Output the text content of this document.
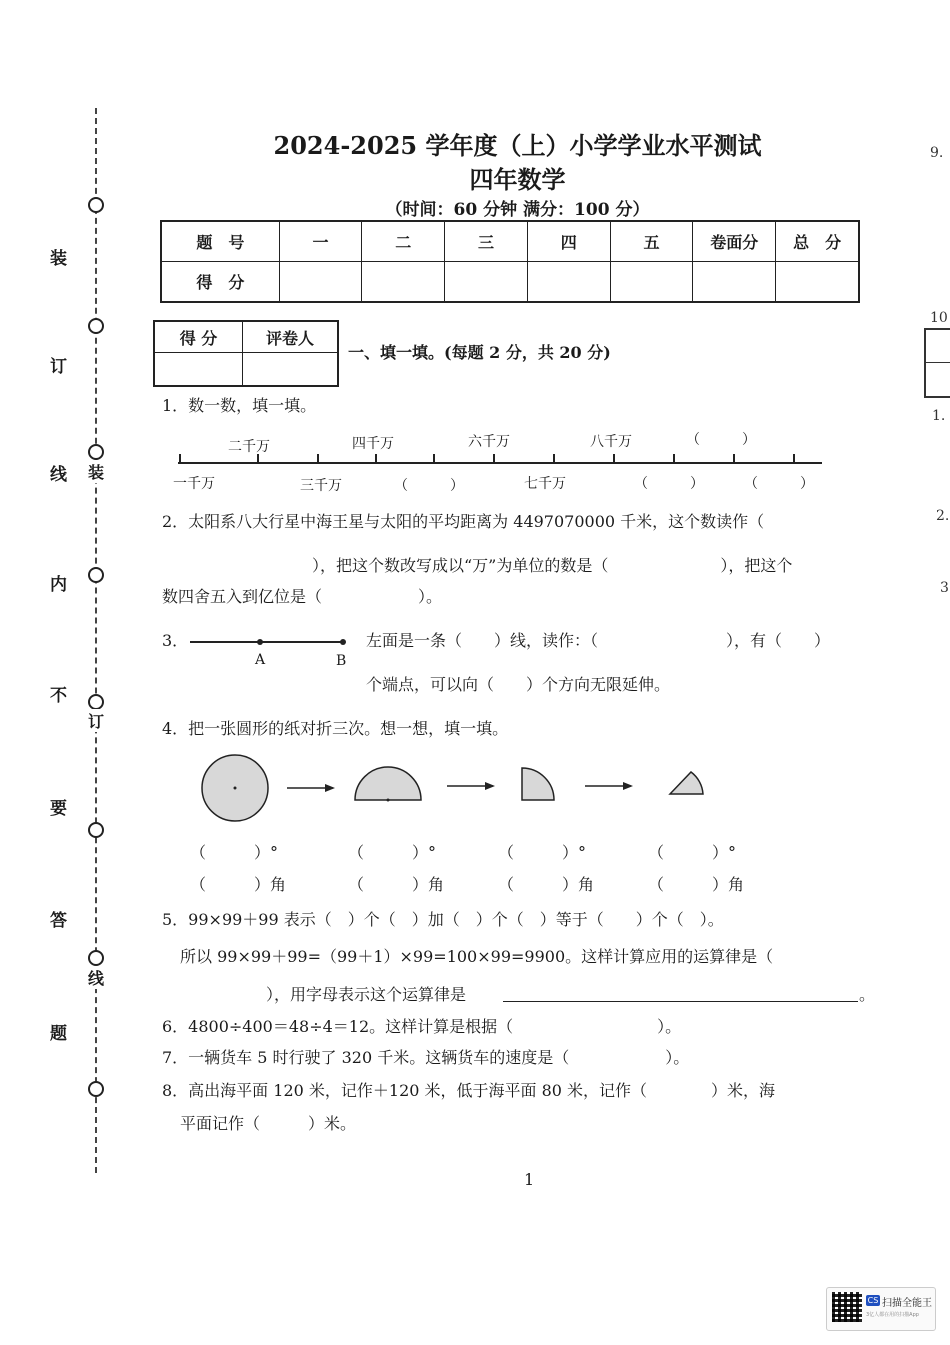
装
订
线
内
不
要
答
题
装
订
线
2024-2025 学年度（上）小学学业水平测试
四年数学
（时间：60 分钟 满分：100 分）
题　号	一	二	三	四	五	卷面分	总　分
得　分							
得 分	评卷人

一、填一填。(每题 2 分，共 20 分)
1．数一数，填一填。
二千万	四千万	六千万	八千万	（　　　）
一千万	三千万	（　　　）	七千万	（　　　）	（　　　）
2．太阳系八大行星中海王星与太阳的平均距离为 4497070000 千米，这个数读作（
），把这个数改写成以“万”为单位的数是（　　　　　　　），把这个
数四舍五入到亿位是（　　　　　　）。
3．
A	B
左面是一条（　　）线，读作：（　　　　　　　　），有（　　）
个端点，可以向（　　）个方向无限延伸。
4．把一张圆形的纸对折三次。想一想，填一填。
（　　　）°	（　　　）°	（　　　）°	（　　　）°
（　　　）角	（　　　）角	（　　　）角	（　　　）角
5．99×99＋99 表示（　）个（　）加（　）个（　）等于（　　）个（　）。
所以 99×99＋99=（99＋1）×99=100×99=9900。这样计算应用的运算律是（
），用字母表示这个运算律是	。
6．4800÷400＝48÷4＝12。这样计算是根据（　　　　　　　　　）。
7．一辆货车 5 时行驶了 320 千米。这辆货车的速度是（　　　　　　）。
8．高出海平面 120 米，记作＋120 米，低于海平面 80 米，记作（　　　　）米，海
平面记作（　　　）米。
1
9.
10
1.
2.
3
CS 扫描全能王
3亿人都在用的扫描App
